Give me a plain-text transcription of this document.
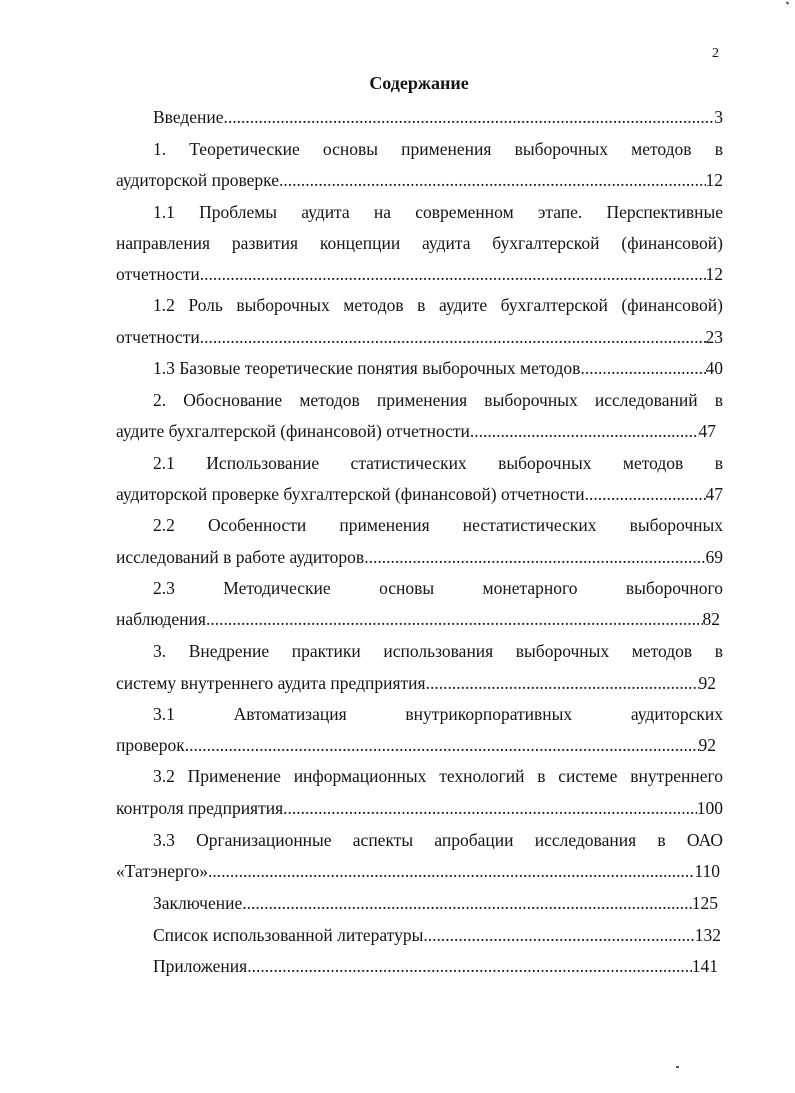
2
Содержание
Введение .....	3
1. Теоретические основы применения выборочных методов в
аудиторской проверке .....	12
1.1 Проблемы аудита на современном этапе. Перспективные
направления развития концепции аудита бухгалтерской (финансовой)
отчетности .....	12
1.2 Роль выборочных методов в аудите бухгалтерской (финансовой)
отчетности .....	23
1.3 Базовые теоретические понятия выборочных методов .....	40
2. Обоснование методов применения выборочных исследований в
аудите бухгалтерской (финансовой) отчетности .....	47
2.1 Использование статистических выборочных методов в
аудиторской проверке бухгалтерской (финансовой) отчетности .....	47
2.2 Особенности применения нестатистических выборочных
исследований в работе аудиторов .....	69
2.3 Методические основы монетарного выборочного
наблюдения .....	82
3. Внедрение практики использования выборочных методов в
систему внутреннего аудита предприятия .....	92
3.1 Автоматизация внутрикорпоративных аудиторских
проверок .....	92
3.2 Применение информационных технологий в системе внутреннего
контроля предприятия .....	100
3.3 Организационные аспекты апробации исследования в ОАО
«Татэнерго» .....	110
Заключение .....	125
Список использованной литературы .....	132
Приложения .....	141
